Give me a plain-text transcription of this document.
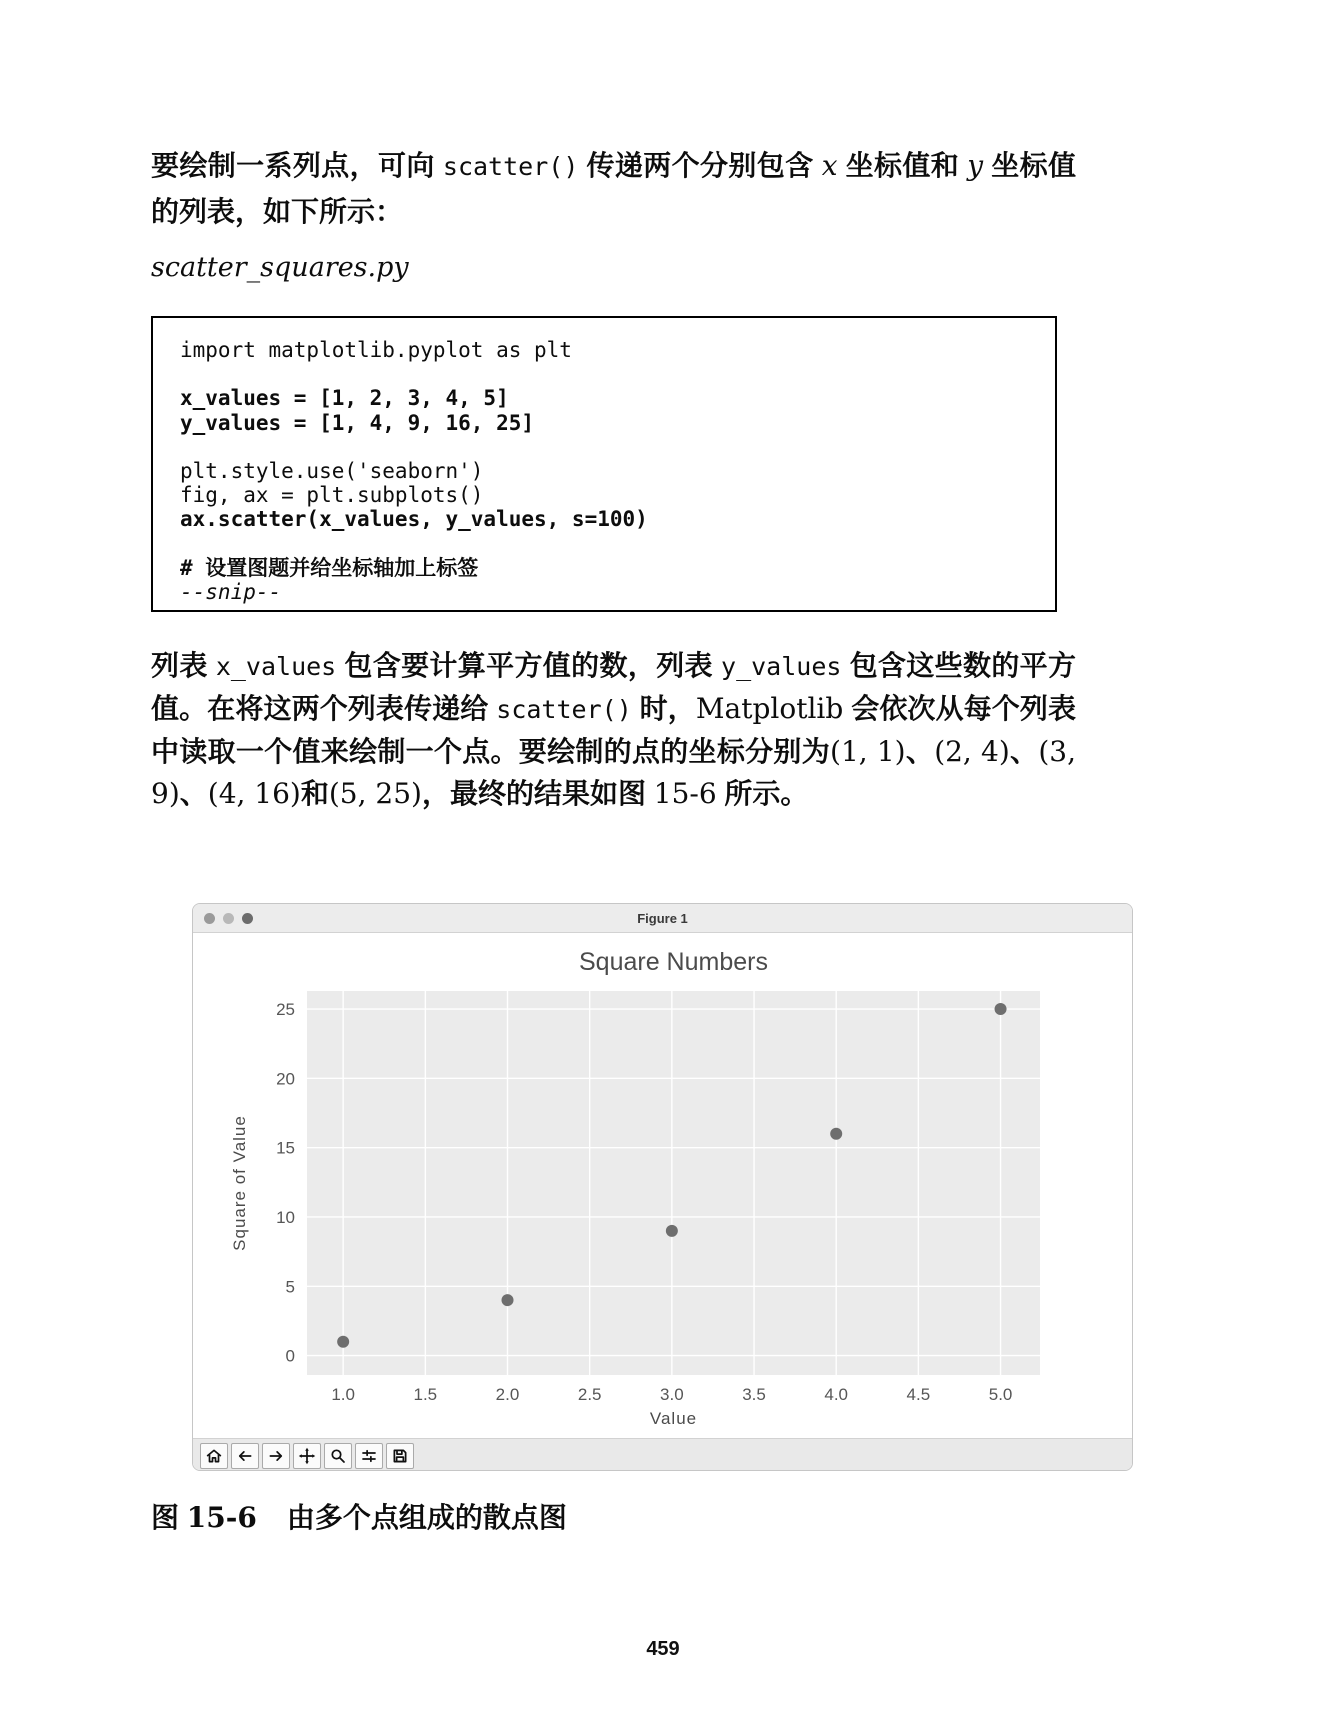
要绘制一系列点，可向 scatter() 传递两个分别包含 x 坐标值和 y 坐标值的列表，如下所示：

scatter_squares.py

import matplotlib.pyplot as plt

x_values = [1, 2, 3, 4, 5]
y_values = [1, 4, 9, 16, 25]

plt.style.use('seaborn')
fig, ax = plt.subplots()
ax.scatter(x_values, y_values, s=100)

# 设置图题并给坐标轴加上标签
--snip--

列表 x_values 包含要计算平方值的数，列表 y_values 包含这些数的平方值。在将这两个列表传递给 scatter() 时，Matplotlib 会依次从每个列表中读取一个值来绘制一个点。要绘制的点的坐标分别为(1, 1)、(2, 4)、(3, 9)、(4, 16)和(5, 25)，最终的结果如图 15-6 所示。

Figure 1
1.0	1.5	2.0	2.5	3.0	3.5	4.0	4.5	5.0
0
5
10
15
20
25
Square Numbers
Value
Square of Value

图 15-6 由多个点组成的散点图

459
